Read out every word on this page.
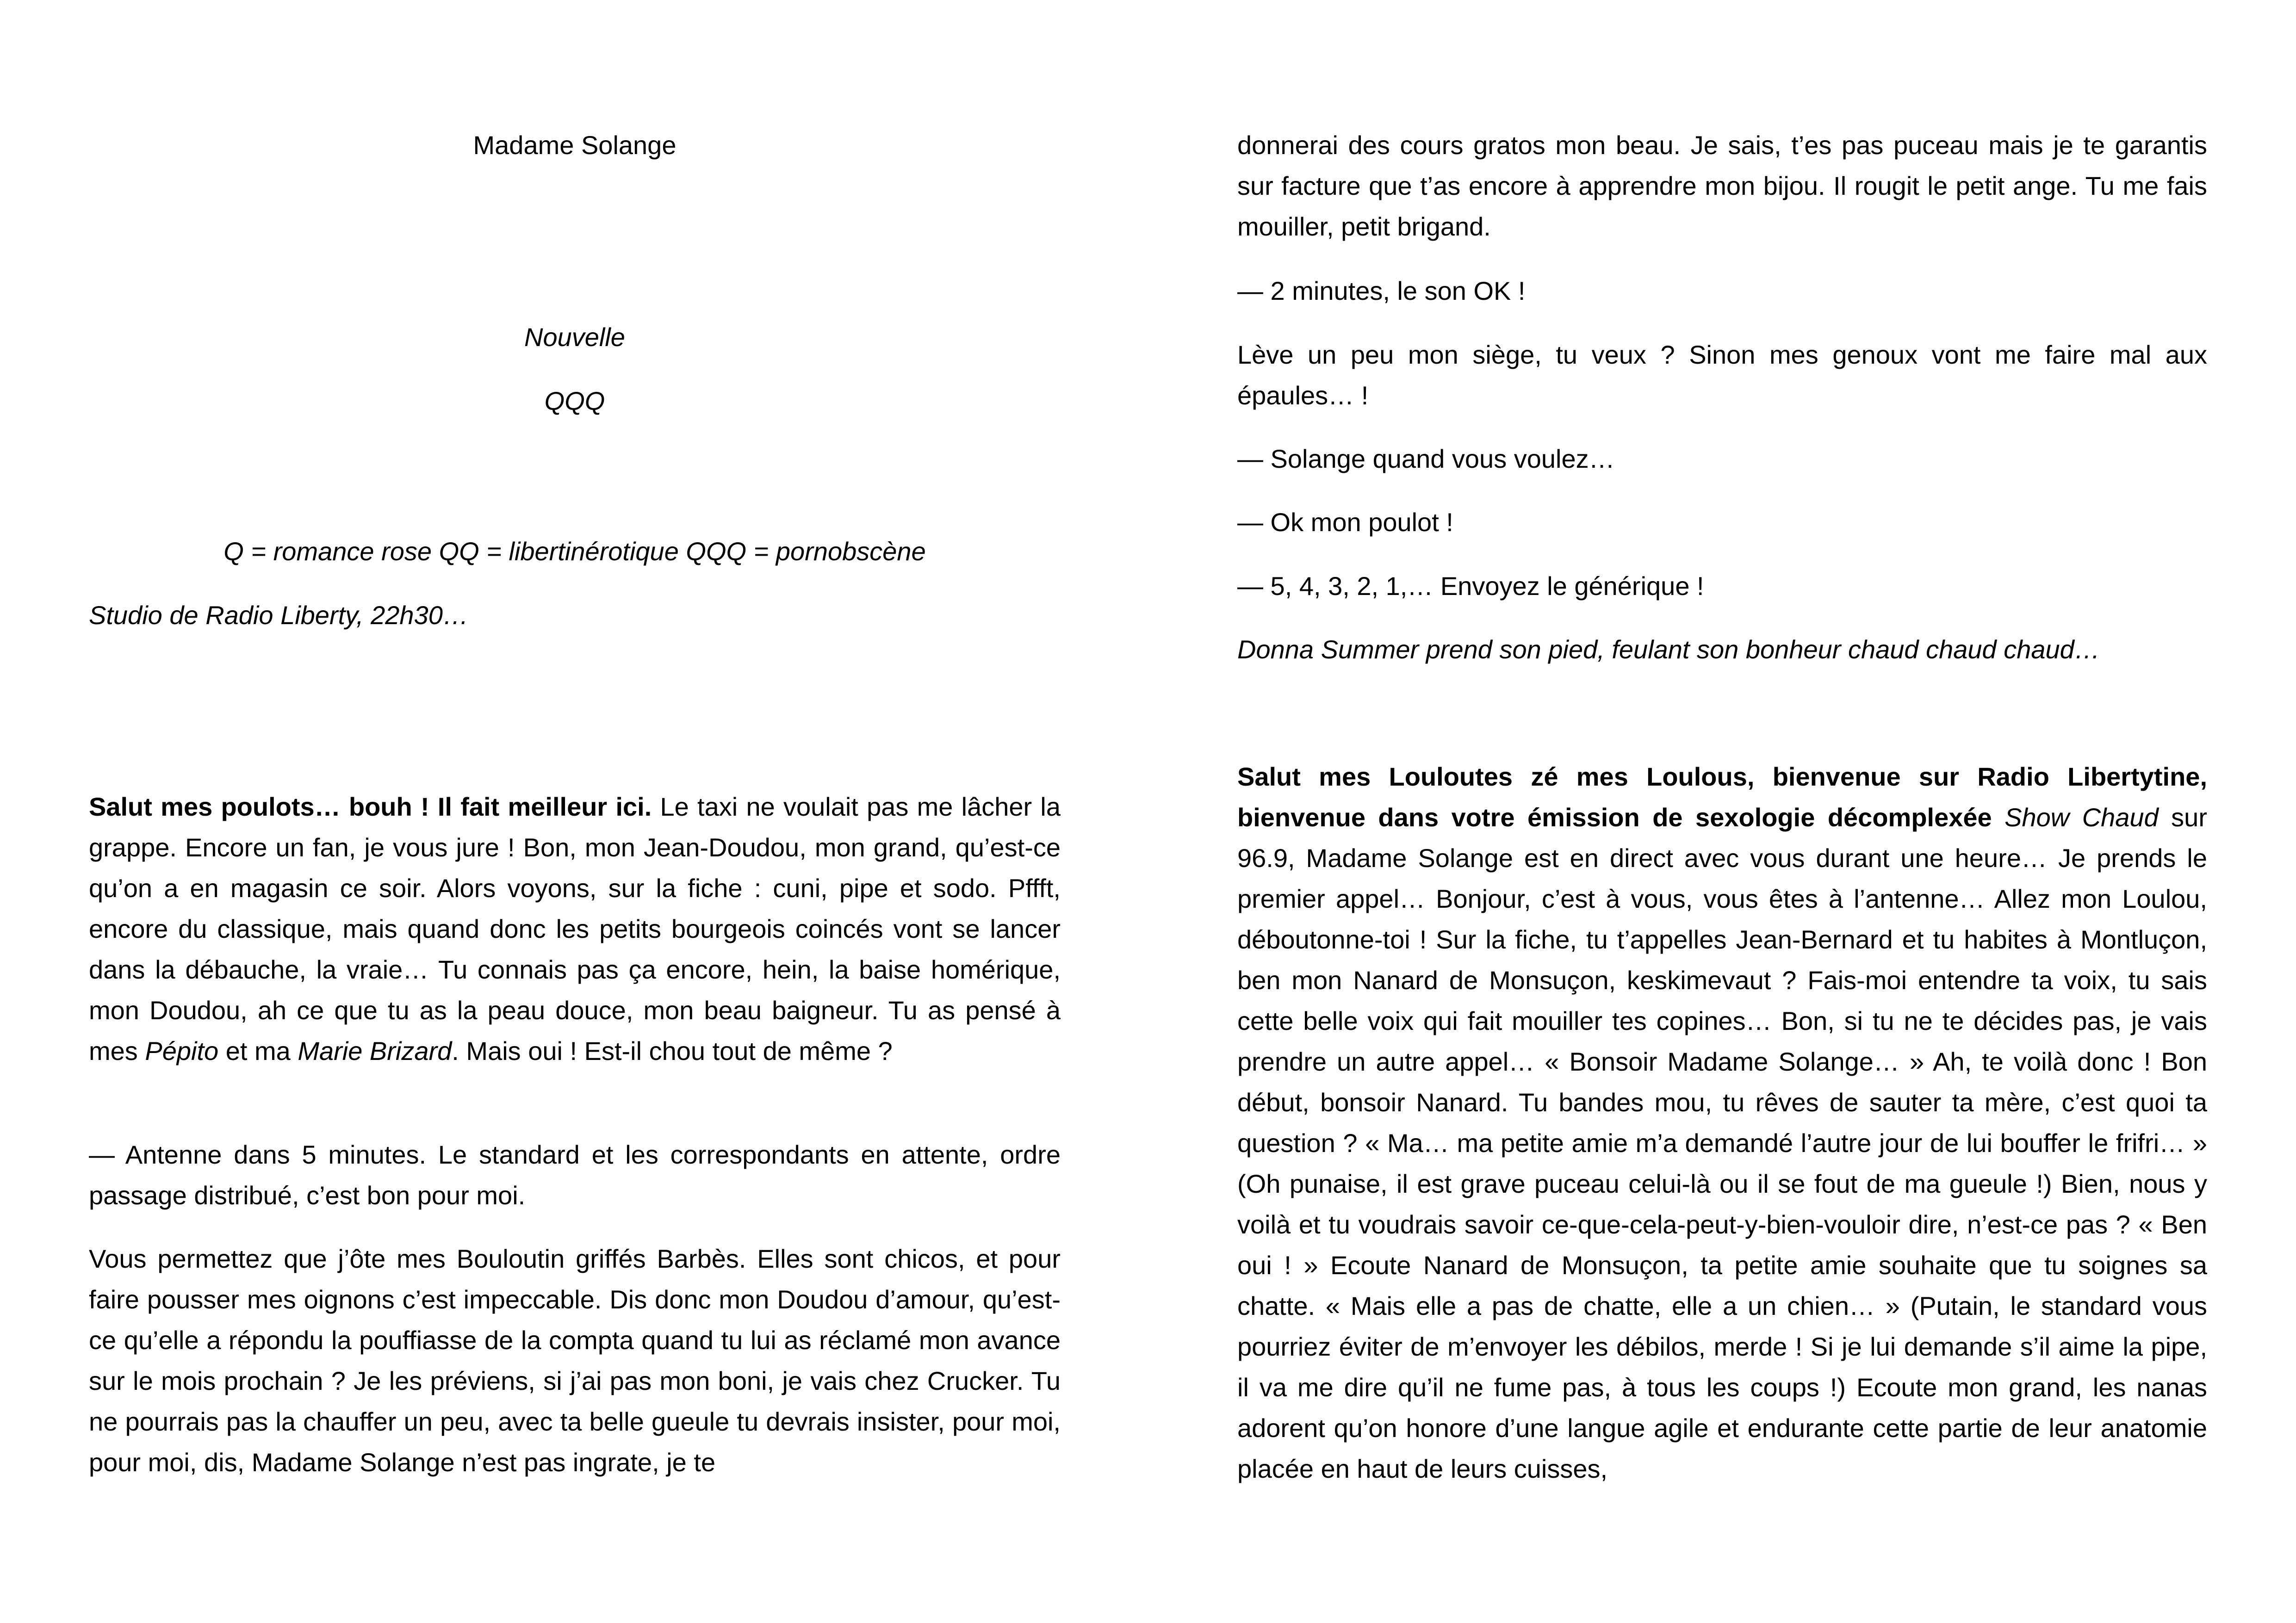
Madame Solange

Nouvelle

QQQ

Q = romance rose QQ = libertinérotique QQQ = pornobscène

Studio de Radio Liberty, 22h30…

Salut mes poulots… bouh ! Il fait meilleur ici. Le taxi ne voulait pas me lâcher la grappe. Encore un fan, je vous jure ! Bon, mon Jean-Doudou, mon grand, qu’est-ce qu’on a en magasin ce soir. Alors voyons, sur la fiche : cuni, pipe et sodo. Pffft, encore du classique, mais quand donc les petits bourgeois coincés vont se lancer dans la débauche, la vraie… Tu connais pas ça encore, hein, la baise homérique, mon Doudou, ah ce que tu as la peau douce, mon beau baigneur. Tu as pensé à mes Pépito et ma Marie Brizard. Mais oui ! Est-il chou tout de même ?

— Antenne dans 5 minutes. Le standard et les correspondants en attente, ordre passage distribué, c’est bon pour moi.

Vous permettez que j’ôte mes Bouloutin griffés Barbès. Elles sont chicos, et pour faire pousser mes oignons c’est impeccable. Dis donc mon Doudou d’amour, qu’est-ce qu’elle a répondu la pouffiasse de la compta quand tu lui as réclamé mon avance sur le mois prochain ? Je les préviens, si j’ai pas mon boni, je vais chez Crucker. Tu ne pourrais pas la chauffer un peu, avec ta belle gueule tu devrais insister, pour moi, pour moi, dis, Madame Solange n’est pas ingrate, je te

donnerai des cours gratos mon beau. Je sais, t’es pas puceau mais je te garantis sur facture que t’as encore à apprendre mon bijou. Il rougit le petit ange. Tu me fais mouiller, petit brigand.

— 2 minutes, le son OK !

Lève un peu mon siège, tu veux ? Sinon mes genoux vont me faire mal aux épaules… !

— Solange quand vous voulez…

— Ok mon poulot !

— 5, 4, 3, 2, 1,… Envoyez le générique !

Donna Summer prend son pied, feulant son bonheur chaud chaud chaud…

Salut mes Louloutes zé mes Loulous, bienvenue sur Radio Libertytine, bienvenue dans votre émission de sexologie décomplexée Show Chaud sur 96.9, Madame Solange est en direct avec vous durant une heure… Je prends le premier appel… Bonjour, c’est à vous, vous êtes à l’antenne… Allez mon Loulou, déboutonne-toi ! Sur la fiche, tu t’appelles Jean-Bernard et tu habites à Montluçon, ben mon Nanard de Monsuçon, keskimevaut ? Fais-moi entendre ta voix, tu sais cette belle voix qui fait mouiller tes copines… Bon, si tu ne te décides pas, je vais prendre un autre appel… « Bonsoir Madame Solange… » Ah, te voilà donc ! Bon début, bonsoir Nanard. Tu bandes mou, tu rêves de sauter ta mère, c’est quoi ta question ? « Ma… ma petite amie m’a demandé l’autre jour de lui bouffer le frifri… » (Oh punaise, il est grave puceau celui-là ou il se fout de ma gueule !) Bien, nous y voilà et tu voudrais savoir ce-que-cela-peut-y-bien-vouloir dire, n’est-ce pas ? « Ben oui ! » Ecoute Nanard de Monsuçon, ta petite amie souhaite que tu soignes sa chatte. « Mais elle a pas de chatte, elle a un chien… » (Putain, le standard vous pourriez éviter de m’envoyer les débilos, merde ! Si je lui demande s’il aime la pipe, il va me dire qu’il ne fume pas, à tous les coups !) Ecoute mon grand, les nanas adorent qu’on honore d’une langue agile et endurante cette partie de leur anatomie placée en haut de leurs cuisses,
